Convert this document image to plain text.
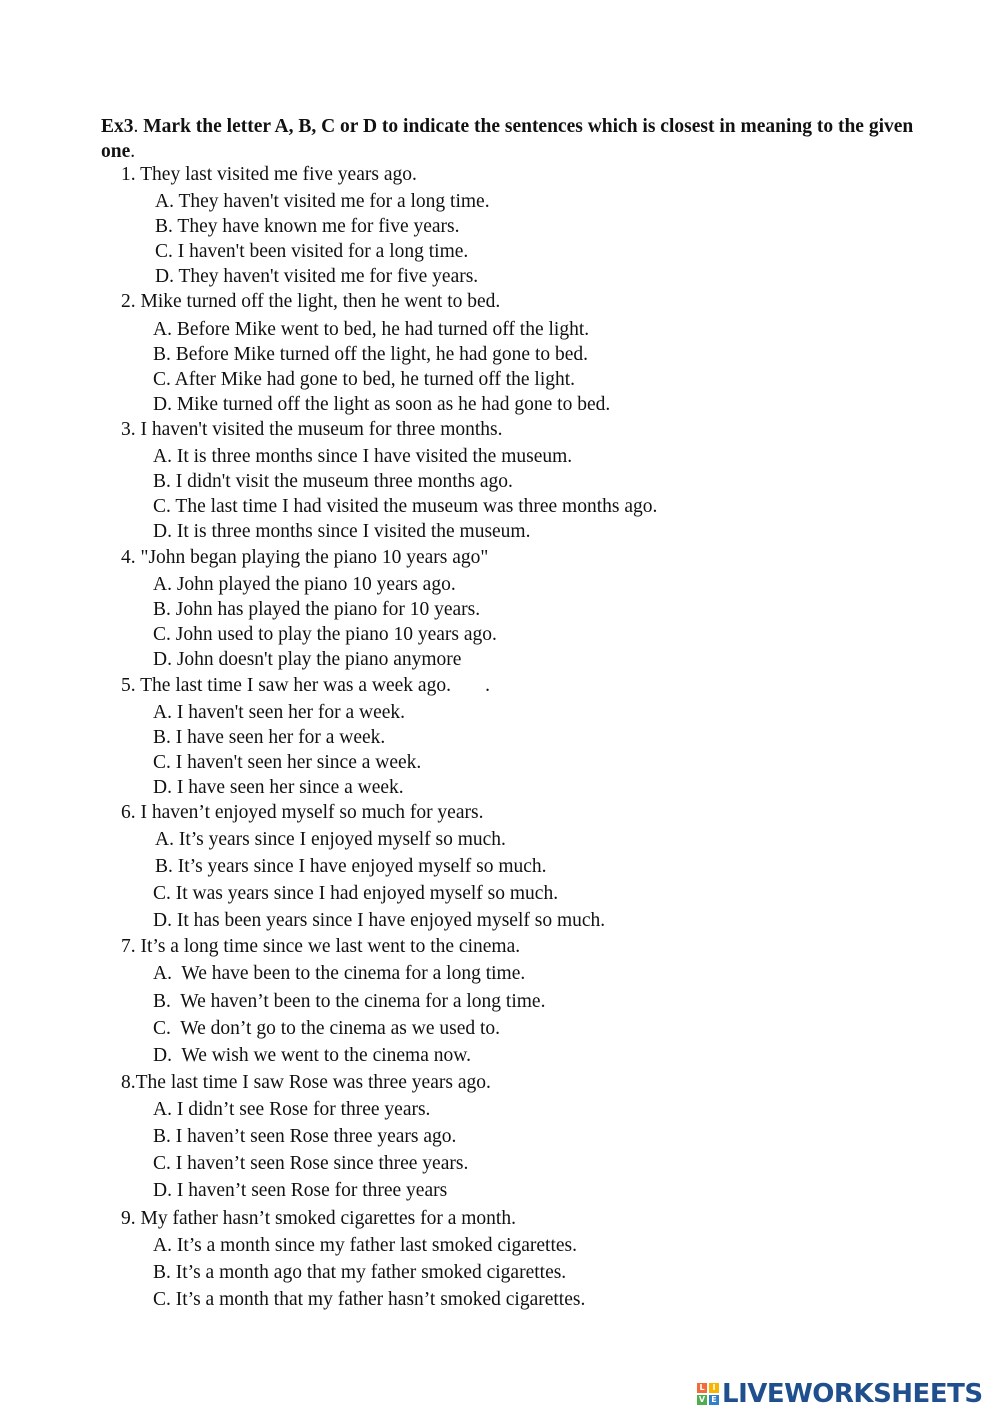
Ex3. Mark the letter A, B, C or D to indicate the sentences which is closest in meaning to the given one.

1. They last visited me five years ago.
A. They haven't visited me for a long time.
B. They have known me for five years.
C. I haven't been visited for a long time.
D. They haven't visited me for five years.
2. Mike turned off the light, then he went to bed.
A. Before Mike went to bed, he had turned off the light.
B. Before Mike turned off the light, he had gone to bed.
C. After Mike had gone to bed, he turned off the light.
D. Mike turned off the light as soon as he had gone to bed.
3. I haven't visited the museum for three months.
A. It is three months since I have visited the museum.
B. I didn't visit the museum three months ago.
C. The last time I had visited the museum was three months ago.
D. It is three months since I visited the museum.
4. "John began playing the piano 10 years ago"
A. John played the piano 10 years ago.
B. John has played the piano for 10 years.
C. John used to play the piano 10 years ago.
D. John doesn't play the piano anymore
5. The last time I saw her was a week ago.       .
A. I haven't seen her for a week.
B. I have seen her for a week.
C. I haven't seen her since a week.
D. I have seen her since a week.
6. I haven’t enjoyed myself so much for years.
A. It’s years since I enjoyed myself so much.
B. It’s years since I have enjoyed myself so much.
C. It was years since I had enjoyed myself so much.
D. It has been years since I have enjoyed myself so much.
7. It’s a long time since we last went to the cinema.
A.  We have been to the cinema for a long time.
B.  We haven’t been to the cinema for a long time.
C.  We don’t go to the cinema as we used to.
D.  We wish we went to the cinema now.
8.The last time I saw Rose was three years ago.
A. I didn’t see Rose for three years.
B. I haven’t seen Rose three years ago.
C. I haven’t seen Rose since three years.
D. I haven’t seen Rose for three years
9. My father hasn’t smoked cigarettes for a month.
A. It’s a month since my father last smoked cigarettes.
B. It’s a month ago that my father smoked cigarettes.
C. It’s a month that my father hasn’t smoked cigarettes.
L I
V E LIVEWORKSHEETS
